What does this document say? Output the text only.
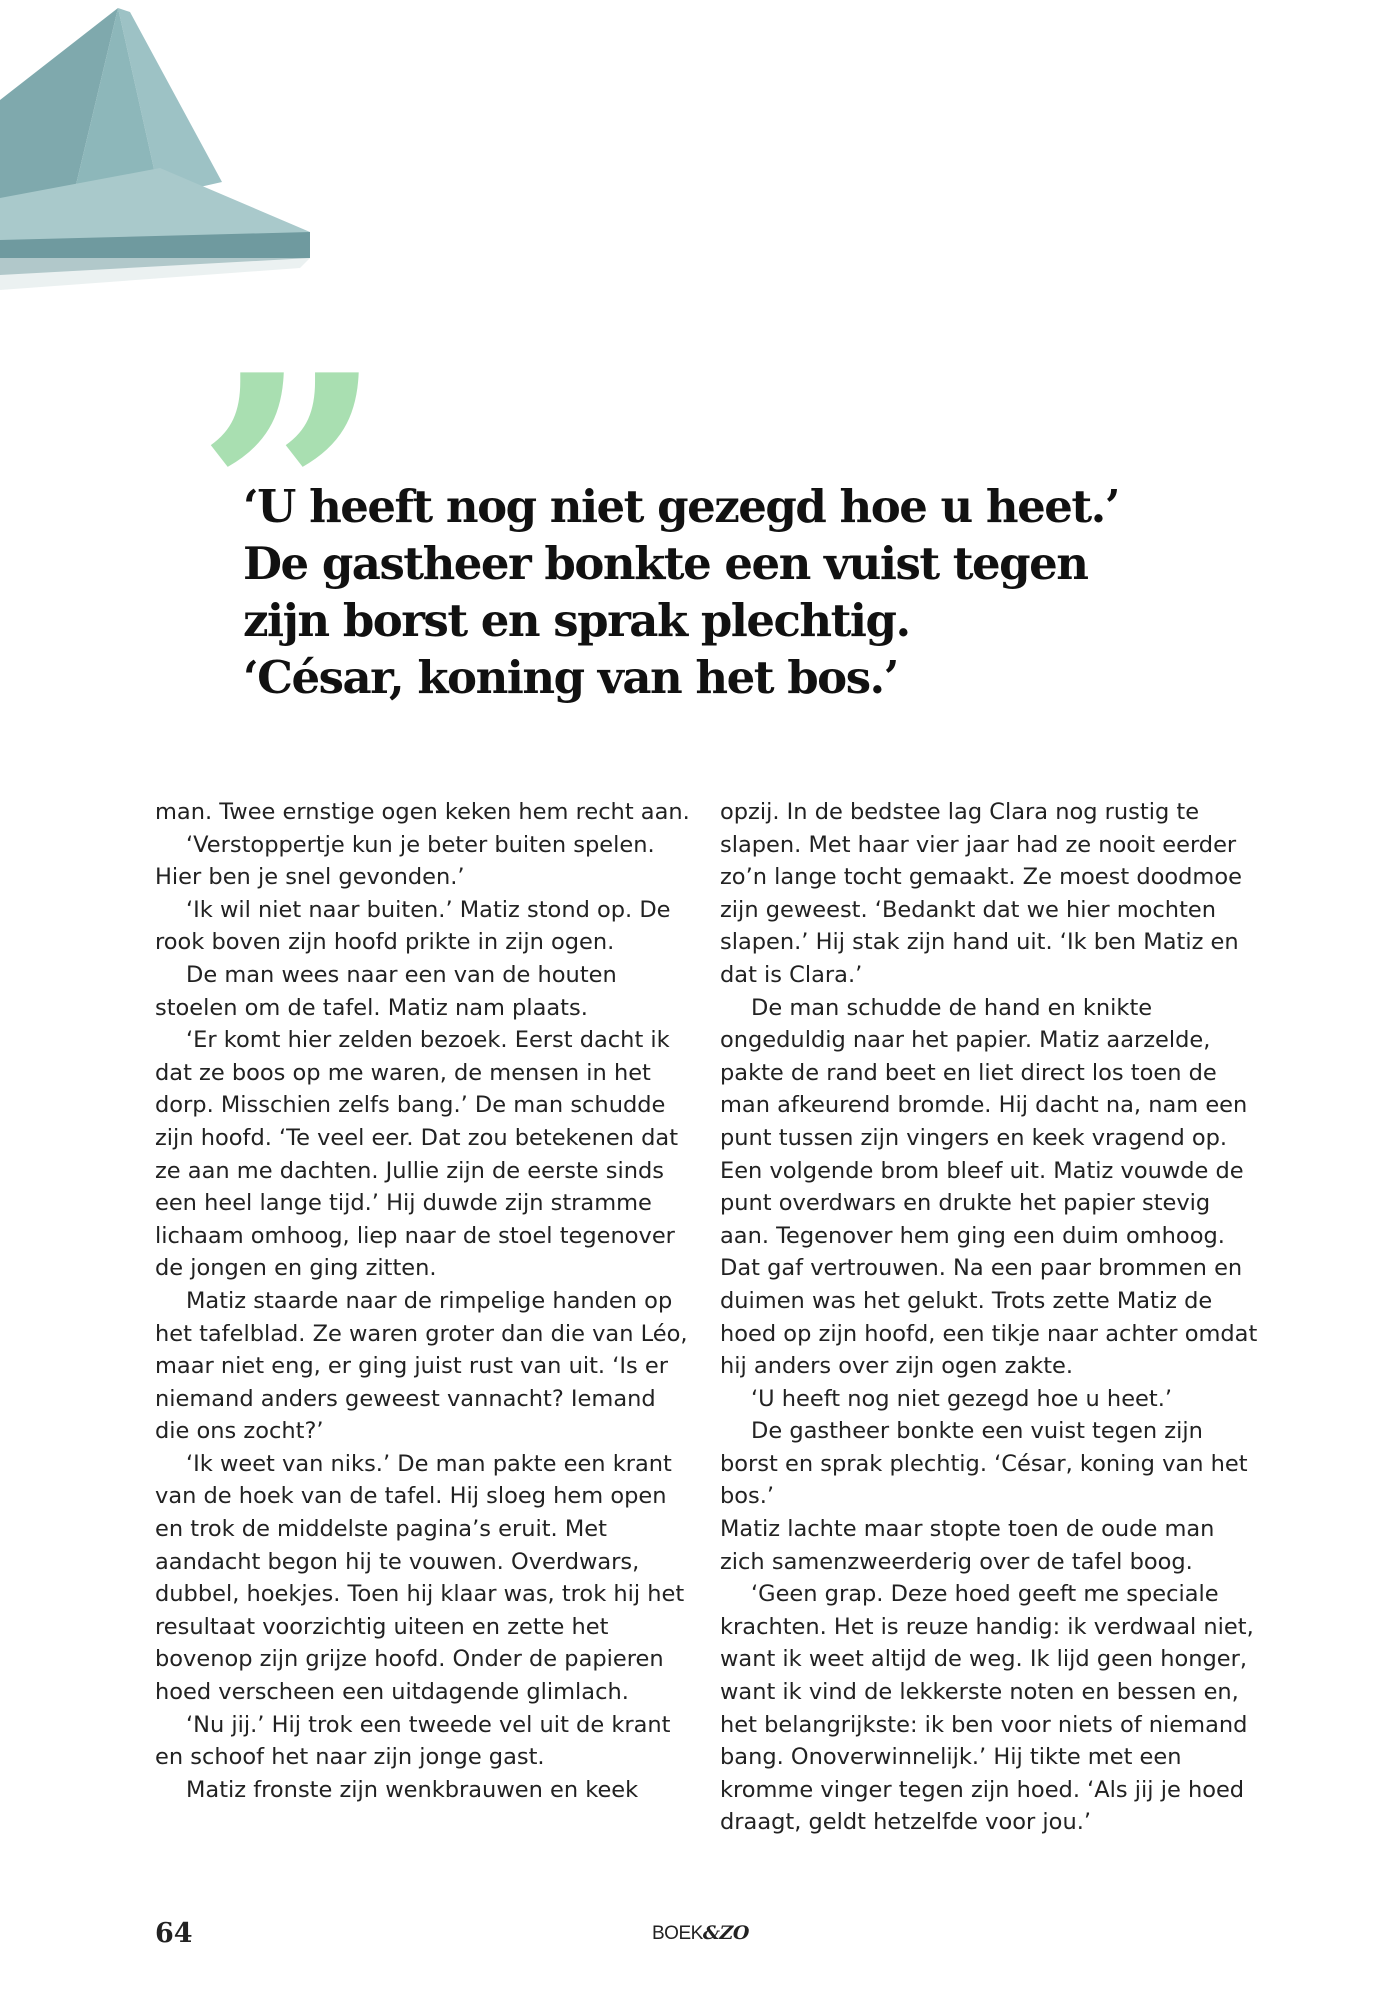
”
‘U heeft nog niet gezegd hoe u heet.’
De gastheer bonkte een vuist tegen
zijn borst en sprak plechtig.
‘César, koning van het bos.’

man. Twee ernstige ogen keken hem recht aan.

‘Verstoppertje kun je beter buiten spelen. Hier ben je snel gevonden.’

‘Ik wil niet naar buiten.’ Matiz stond op. De rook boven zijn hoofd prikte in zijn ogen.

De man wees naar een van de houten stoelen om de tafel. Matiz nam plaats.

‘Er komt hier zelden bezoek. Eerst dacht ik dat ze boos op me waren, de mensen in het dorp. Misschien zelfs bang.’ De man schudde zijn hoofd. ‘Te veel eer. Dat zou betekenen dat ze aan me dachten. Jullie zijn de eerste sinds een heel lange tijd.’ Hij duwde zijn stramme lichaam omhoog, liep naar de stoel tegenover de jongen en ging zitten.

Matiz staarde naar de rimpelige handen op het tafelblad. Ze waren groter dan die van Léo, maar niet eng, er ging juist rust van uit. ‘Is er niemand anders geweest vannacht? Iemand die ons zocht?’

‘Ik weet van niks.’ De man pakte een krant van de hoek van de tafel. Hij sloeg hem open en trok de middelste pagina’s eruit. Met aandacht begon hij te vouwen. Overdwars, dubbel, hoekjes. Toen hij klaar was, trok hij het resultaat voorzichtig uiteen en zette het bovenop zijn grijze hoofd. Onder de papieren hoed verscheen een uitdagende glimlach.

‘Nu jij.’ Hij trok een tweede vel uit de krant en schoof het naar zijn jonge gast.

Matiz fronste zijn wenkbrauwen en keek

opzij. In de bedstee lag Clara nog rustig te slapen. Met haar vier jaar had ze nooit eerder zo’n lange tocht gemaakt. Ze moest doodmoe zijn geweest. ‘Bedankt dat we hier mochten slapen.’ Hij stak zijn hand uit. ‘Ik ben Matiz en dat is Clara.’

De man schudde de hand en knikte ongeduldig naar het papier. Matiz aarzelde, pakte de rand beet en liet direct los toen de man afkeurend bromde. Hij dacht na, nam een punt tussen zijn vingers en keek vragend op. Een volgende brom bleef uit. Matiz vouwde de punt overdwars en drukte het papier stevig aan. Tegenover hem ging een duim omhoog. Dat gaf vertrouwen. Na een paar brommen en duimen was het gelukt. Trots zette Matiz de hoed op zijn hoofd, een tikje naar achter omdat hij anders over zijn ogen zakte.

‘U heeft nog niet gezegd hoe u heet.’

De gastheer bonkte een vuist tegen zijn borst en sprak plechtig. ‘César, koning van het bos.’

Matiz lachte maar stopte toen de oude man zich samenzweerderig over de tafel boog.

‘Geen grap. Deze hoed geeft me speciale krachten. Het is reuze handig: ik verdwaal niet, want ik weet altijd de weg. Ik lijd geen honger, want ik vind de lekkerste noten en bessen en, het belangrijkste: ik ben voor niets of niemand bang. Onoverwinnelijk.’ Hij tikte met een kromme vinger tegen zijn hoed. ‘Als jij je hoed draagt, geldt hetzelfde voor jou.’

64	BOEK&ZO
